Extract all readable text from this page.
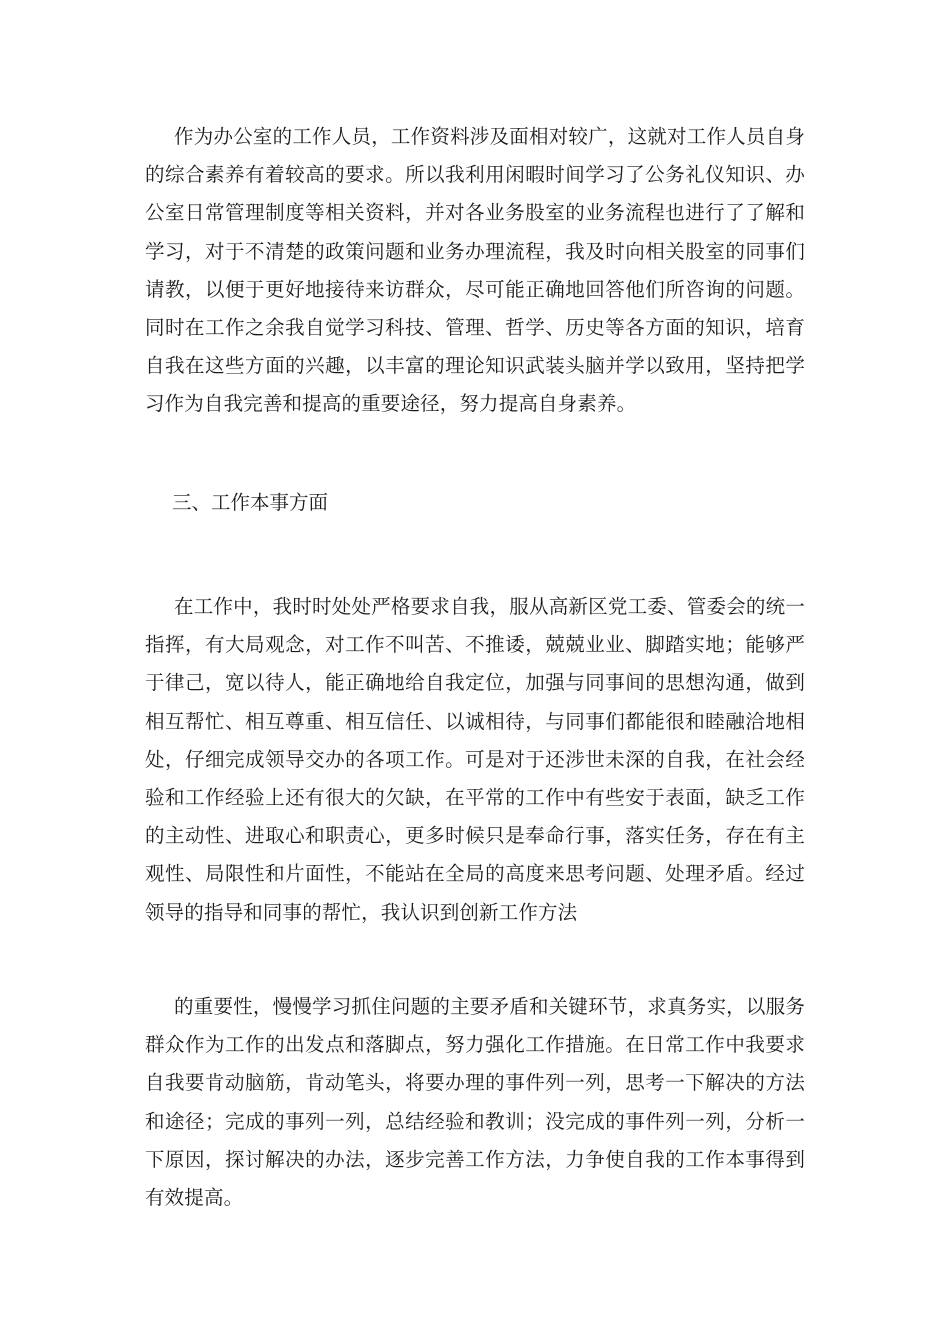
作为办公室的工作人员，工作资料涉及面相对较广，这就对工作人员自身的综合素养有着较高的要求。所以我利用闲暇时间学习了公务礼仪知识、办公室日常管理制度等相关资料，并对各业务股室的业务流程也进行了了解和学习，对于不清楚的政策问题和业务办理流程，我及时向相关股室的同事们请教，以便于更好地接待来访群众，尽可能正确地回答他们所咨询的问题。同时在工作之余我自觉学习科技、管理、哲学、历史等各方面的知识，培育自我在这些方面的兴趣，以丰富的理论知识武装头脑并学以致用，坚持把学习作为自我完善和提高的重要途径，努力提高自身素养。

三、工作本事方面

在工作中，我时时处处严格要求自我，服从高新区党工委、管委会的统一指挥，有大局观念，对工作不叫苦、不推诿，兢兢业业、脚踏实地；能够严于律己，宽以待人，能正确地给自我定位，加强与同事间的思想沟通，做到相互帮忙、相互尊重、相互信任、以诚相待，与同事们都能很和睦融洽地相处，仔细完成领导交办的各项工作。可是对于还涉世未深的自我，在社会经验和工作经验上还有很大的欠缺，在平常的工作中有些安于表面，缺乏工作的主动性、进取心和职责心，更多时候只是奉命行事，落实任务，存在有主观性、局限性和片面性，不能站在全局的高度来思考问题、处理矛盾。经过领导的指导和同事的帮忙，我认识到创新工作方法

的重要性，慢慢学习抓住问题的主要矛盾和关键环节，求真务实，以服务群众作为工作的出发点和落脚点，努力强化工作措施。在日常工作中我要求自我要肯动脑筋，肯动笔头，将要办理的事件列一列，思考一下解决的方法和途径；完成的事列一列，总结经验和教训；没完成的事件列一列，分析一下原因，探讨解决的办法，逐步完善工作方法，力争使自我的工作本事得到有效提高。
